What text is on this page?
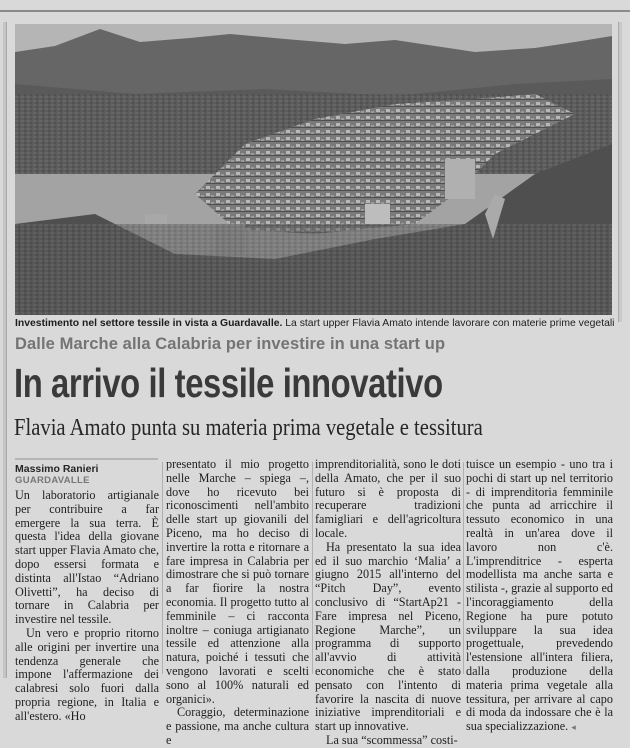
Investimento nel settore tessile in vista a Guardavalle. La start upper Flavia Amato intende lavorare con materie prime vegetali
Dalle Marche alla Calabria per investire in una start up
In arrivo il tessile innovativo
Flavia Amato punta su materia prima vegetale e tessitura
Massimo Ranieri
GUARDAVALLE

Un laboratorio artigianale per contribuire a far emergere la sua terra. È questa l'idea della giovane start upper Flavia Amato che, dopo essersi formata e distinta all'Istao “Adriano Olivetti”, ha deciso di tornare in Calabria per investire nel tessile.

Un vero e proprio ritorno alle origini per invertire una tendenza generale che impone l'affermazione dei calabresi solo fuori dalla propria regione, in Italia e all'estero. «Ho

presentato il mio progetto nelle Marche – spiega –, dove ho ricevuto bei riconoscimenti nell'ambito delle start up giovanili del Piceno, ma ho deciso di invertire la rotta e ritornare a fare impresa in Calabria per dimostrare che si può tornare a far fiorire la nostra economia. Il progetto tutto al femminile – ci racconta inoltre – coniuga artigianato tessile ed attenzione alla natura, poiché i tessuti che vengono lavorati e scelti sono al 100% naturali ed organici».

Coraggio, determinazione e passione, ma anche cultura e

imprenditorialità, sono le doti della Amato, che per il suo futuro si è proposta di recuperare tradizioni famigliari e dell'agricoltura locale.

Ha presentato la sua idea ed il suo marchio ‘Malia’ a giugno 2015 all'interno del “Pitch Day”, evento conclusivo di “StartAp21 - Fare impresa nel Piceno, Regione Marche”, un programma di supporto all'avvio di attività economiche che è stato pensato con l'intento di favorire la nascita di nuove iniziative imprenditoriali e start up innovative.

La sua “scommessa” costi-

tuisce un esempio - uno tra i pochi di start up nel territorio - di imprenditoria femminile che punta ad arricchire il tessuto economico in una realtà in un'area dove il lavoro non c'è. L'imprenditrice - esperta modellista ma anche sarta e stilista -, grazie al supporto ed l'incoraggiamento della Regione ha pure potuto sviluppare la sua idea progettuale, prevedendo l'estensione all'intera filiera, dalla produzione della materia prima vegetale alla tessitura, per arrivare al capo di moda da indossare che è la sua specializzazione. ◂
